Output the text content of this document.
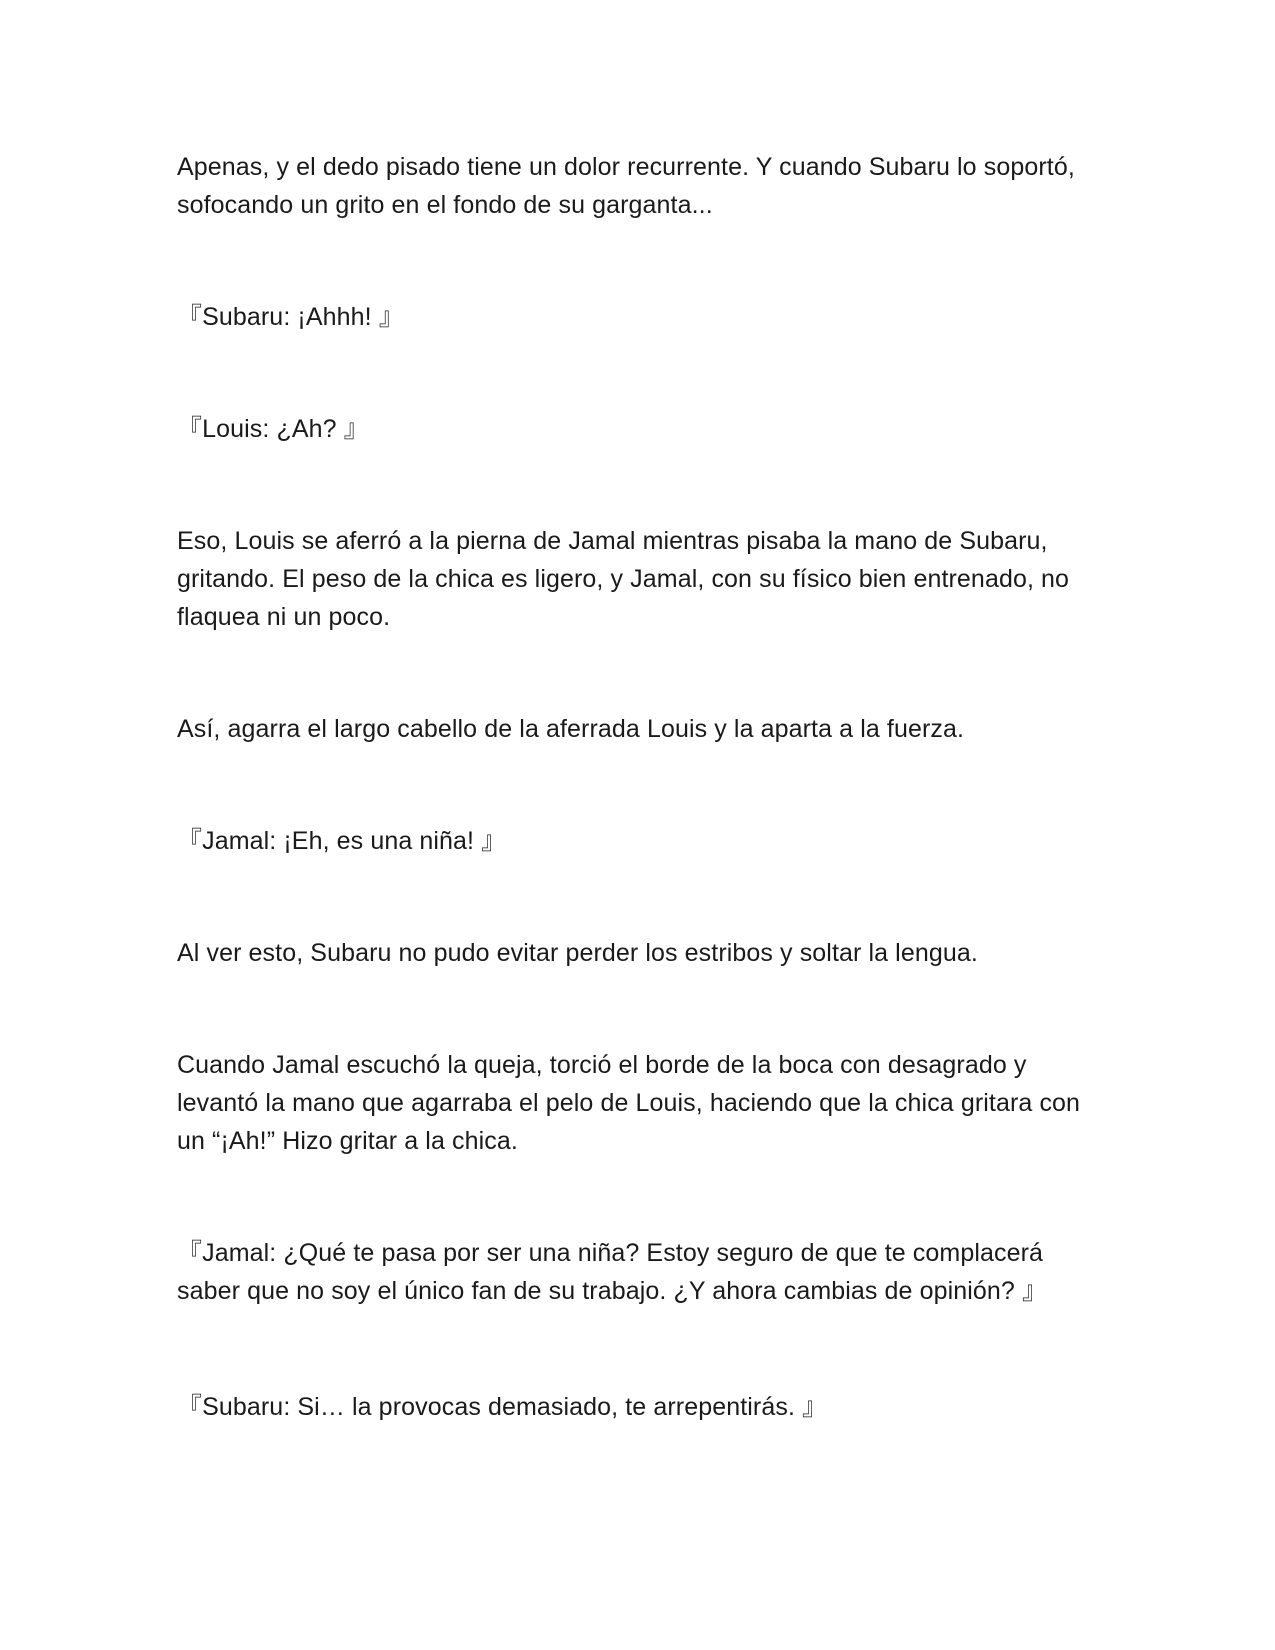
Apenas, y el dedo pisado tiene un dolor recurrente. Y cuando Subaru lo soportó, sofocando un grito en el fondo de su garganta...

『Subaru: ¡Ahhh! 』

『Louis: ¿Ah? 』

Eso, Louis se aferró a la pierna de Jamal mientras pisaba la mano de Subaru, gritando. El peso de la chica es ligero, y Jamal, con su físico bien entrenado, no flaquea ni un poco.

Así, agarra el largo cabello de la aferrada Louis y la aparta a la fuerza.

『Jamal: ¡Eh, es una niña! 』

Al ver esto, Subaru no pudo evitar perder los estribos y soltar la lengua.

Cuando Jamal escuchó la queja, torció el borde de la boca con desagrado y levantó la mano que agarraba el pelo de Louis, haciendo que la chica gritara con un “¡Ah!” Hizo gritar a la chica.

『Jamal: ¿Qué te pasa por ser una niña? Estoy seguro de que te complacerá saber que no soy el único fan de su trabajo. ¿Y ahora cambias de opinión? 』

『Subaru: Si… la provocas demasiado, te arrepentirás. 』
